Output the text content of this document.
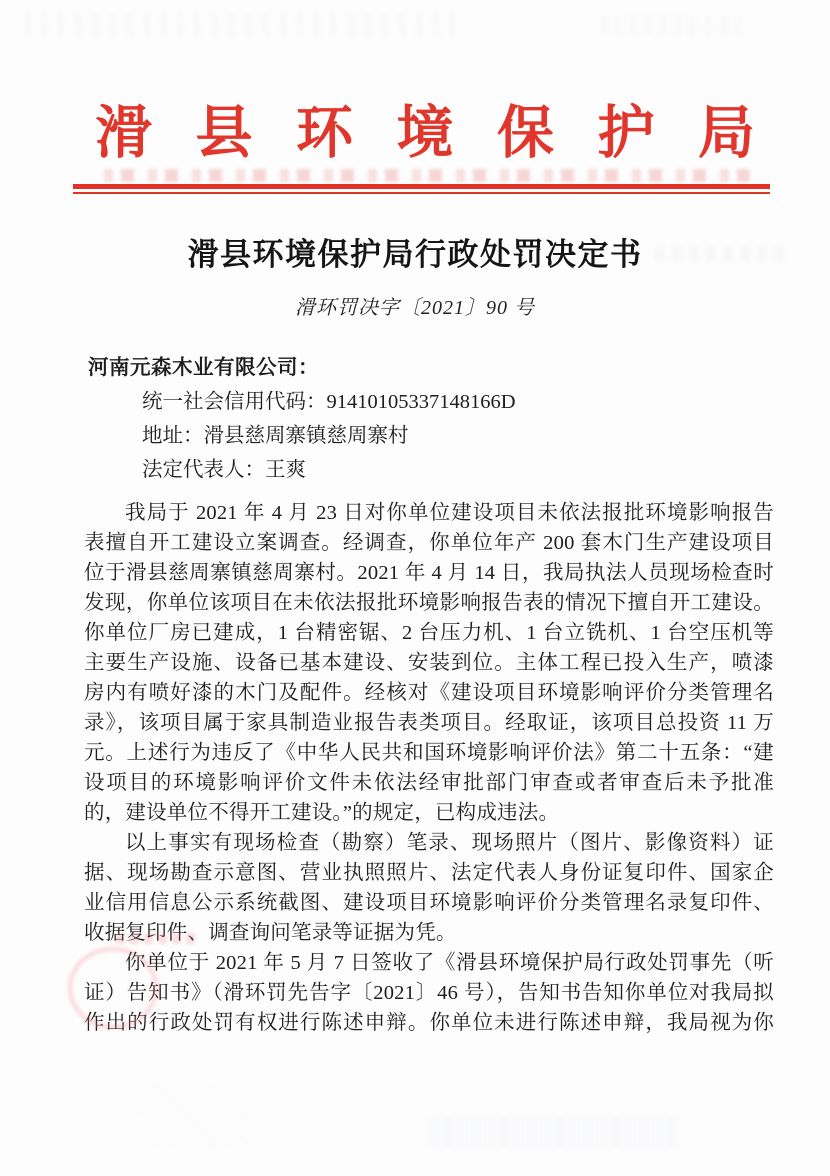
滑县环境保护局
滑县环境保护局行政处罚决定书
滑环罚决字〔2021〕90 号
河南元森木业有限公司：
统一社会信用代码：91410105337148166D
地址：滑县慈周寨镇慈周寨村
法定代表人：王爽
我局于 2021 年 4 月 23 日对你单位建设项目未依法报批环境影响报告
表擅自开工建设立案调查。经调查，你单位年产 200 套木门生产建设项目
位于滑县慈周寨镇慈周寨村。2021 年 4 月 14 日，我局执法人员现场检查时
发现，你单位该项目在未依法报批环境影响报告表的情况下擅自开工建设。
你单位厂房已建成，1 台精密锯、2 台压力机、1 台立铣机、1 台空压机等
主要生产设施、设备已基本建设、安装到位。主体工程已投入生产，喷漆
房内有喷好漆的木门及配件。经核对《建设项目环境影响评价分类管理名
录》，该项目属于家具制造业报告表类项目。经取证，该项目总投资 11 万
元。上述行为违反了《中华人民共和国环境影响评价法》第二十五条：“建
设项目的环境影响评价文件未依法经审批部门审查或者审查后未予批准
的，建设单位不得开工建设。”的规定，已构成违法。
以上事实有现场检查（勘察）笔录、现场照片（图片、影像资料）证
据、现场勘查示意图、营业执照照片、法定代表人身份证复印件、国家企
业信用信息公示系统截图、建设项目环境影响评价分类管理名录复印件、
收据复印件、调查询问笔录等证据为凭。
你单位于 2021 年 5 月 7 日签收了《滑县环境保护局行政处罚事先（听
证）告知书》（滑环罚先告字〔2021〕46 号），告知书告知你单位对我局拟
作出的行政处罚有权进行陈述申辩。你单位未进行陈述申辩，我局视为你
